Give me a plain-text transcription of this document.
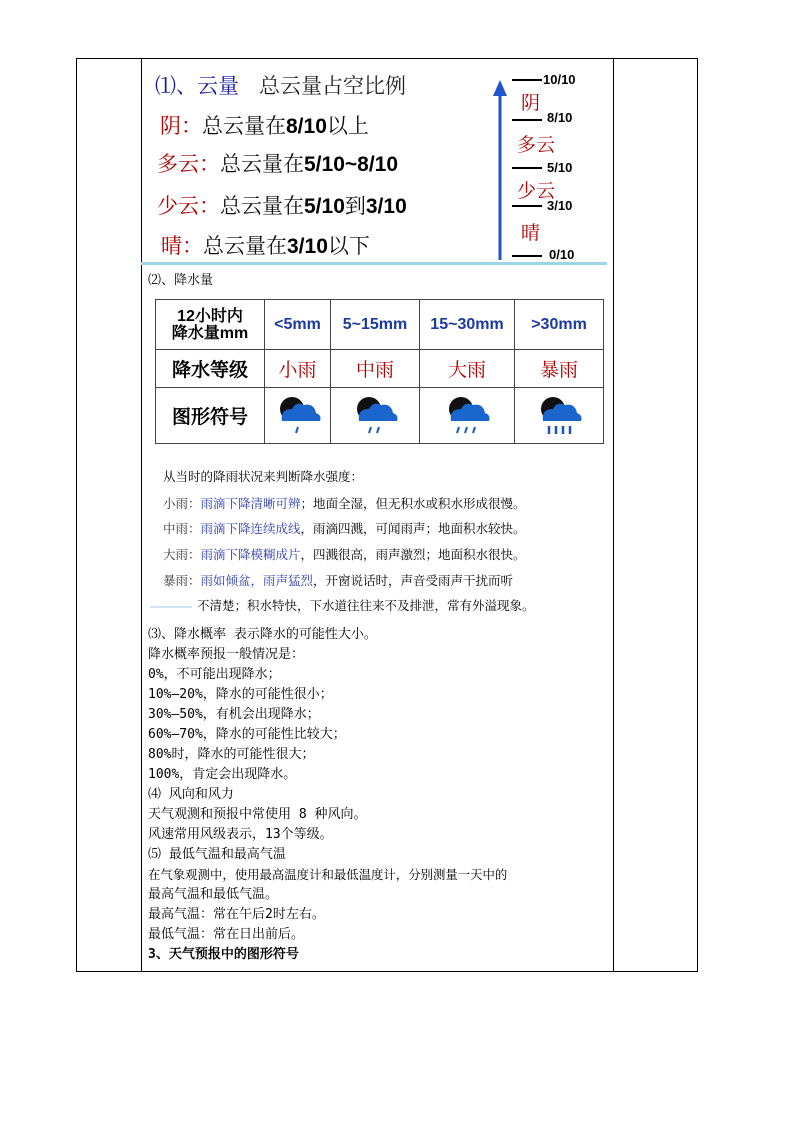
⑴、云量 总云量占空比例
阴：总云量在8/10以上
多云：总云量在5/10~8/10
少云：总云量在5/10到3/10
晴：总云量在3/10以下
10/10
阴
8/10
多云
5/10
少云
3/10
晴
0/10
⑵、降水量
12小时内
降水量mm	<5mm	5~15mm	15~30mm	>30mm
降水等级	小雨	中雨	大雨	暴雨
图形符号				
从当时的降雨状况来判断降水强度：
小雨：雨滴下降清晰可辨；地面全湿，但无积水或积水形成很慢。
中雨：雨滴下降连续成线，雨滴四溅，可闻雨声；地面积水较快。
大雨：雨滴下降模糊成片，四溅很高，雨声激烈；地面积水很快。
暴雨：雨如倾盆，雨声猛烈，开窗说话时，声音受雨声干扰而听
不清楚；积水特快，下水道往往来不及排泄，常有外溢现象。
⑶、降水概率 表示降水的可能性大小。
降水概率预报一般情况是：
0%，不可能出现降水；
10%—20%，降水的可能性很小；
30%—50%，有机会出现降水；
60%—70%，降水的可能性比较大；
80%时，降水的可能性很大；
100%，肯定会出现降水。
⑷ 风向和风力
天气观测和预报中常使用 8 种风向。
风速常用风级表示，13个等级。
⑸ 最低气温和最高气温
在气象观测中，使用最高温度计和最低温度计，分别测量一天中的
最高气温和最低气温。
最高气温：常在午后2时左右。
最低气温：常在日出前后。
3、天气预报中的图形符号
